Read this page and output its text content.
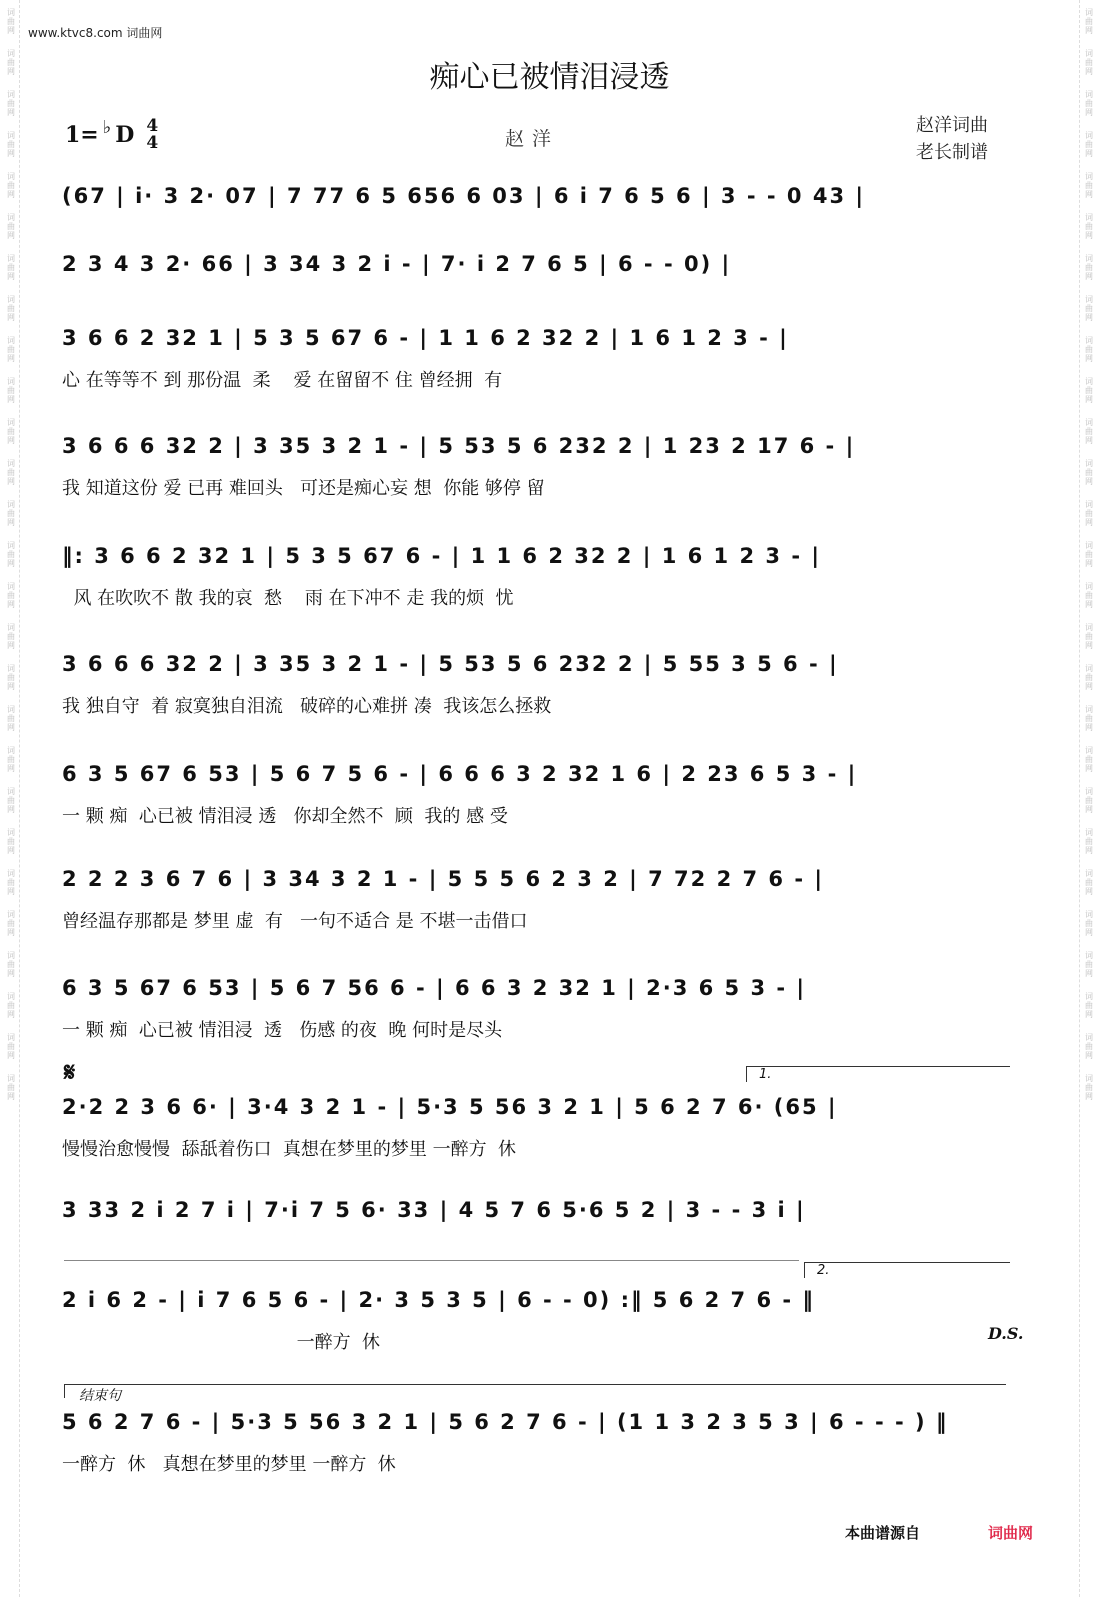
词曲网
词曲网
词曲网
词曲网
词曲网
词曲网
词曲网
词曲网
词曲网
词曲网
词曲网
词曲网
词曲网
词曲网
词曲网
词曲网
词曲网
词曲网
词曲网
词曲网
词曲网
词曲网
词曲网
词曲网
词曲网
词曲网
词曲网
词曲网
词曲网
词曲网
词曲网
词曲网
词曲网
词曲网
词曲网
词曲网
词曲网
词曲网
词曲网
词曲网
词曲网
词曲网
词曲网
词曲网
词曲网
词曲网
词曲网
词曲网
词曲网
词曲网
词曲网
词曲网
词曲网
词曲网
www.ktvc8.com 词曲网
痴心已被情泪浸透
1= ♭ D 4
4	赵洋
赵洋词曲
老长制谱
(67 | i· 3 2· 07 | 7 77 6 5 656 6 03 | 6 i 7 6 5 6 | 3 - - 0 43 |
2 3 4 3 2· 66 | 3 34 3 2 i - | 7· i 2 7 6 5 | 6 - - 0) |
3 6 6 2 32 1 | 5 3 5 67 6 - | 1 1 6 2 32 2 | 1 6 1 2 3 - |
心 在等等不 到 那份温  柔    爱 在留留不 住 曾经拥  有
3 6 6 6 32 2 | 3 35 3 2 1 - | 5 53 5 6 232 2 | 1 23 2 17 6 - |
我 知道这份 爱 已再 难回头   可还是痴心妄 想  你能 够停 留
‖: 3 6 6 2 32 1 | 5 3 5 67 6 - | 1 1 6 2 32 2 | 1 6 1 2 3 - |
风 在吹吹不 散 我的哀  愁    雨 在下冲不 走 我的烦  忧
3 6 6 6 32 2 | 3 35 3 2 1 - | 5 53 5 6 232 2 | 5 55 3 5 6 - |
我 独自守  着 寂寞独自泪流   破碎的心难拼 凑  我该怎么拯救
6 3 5 67 6 53 | 5 6 7 5 6 - | 6 6 6 3 2 32 1 6 | 2 23 6 5 3 - |
一 颗 痴  心已被 情泪浸 透   你却全然不  顾  我的 感 受
2 2 2 3 6 7 6 | 3 34 3 2 1 - | 5 5 5 6 2 3 2 | 7 72 2 7 6 - |
曾经温存那都是 梦里 虚  有   一句不适合 是 不堪一击借口
6 3 5 67 6 53 | 5 6 7 56 6 - | 6 6 3 2 32 1 | 2·3 6 5 3 - |
一 颗 痴  心已被 情泪浸  透   伤感 的夜  晚 何时是尽头
𝄋	1.
2·2 2 3 6 6· | 3·4 3 2 1 - | 5·3 5 56 3 2 1 | 5 6 2 7 6· (65 |
慢慢治愈慢慢  舔舐着伤口  真想在梦里的梦里 一醉方  休
3 33 2 i 2 7 i | 7·i 7 5 6· 33 | 4 5 7 6 5·6 5 2 | 3 - - 3 i |
2.
2 i 6 2 - | i 7 6 5 6 - | 2· 3 5 3 5 | 6 - - 0) :‖ 5 6 2 7 6 - ‖
一醉方  休	D.S.
结束句
5 6 2 7 6 - | 5·3 5 56 3 2 1 | 5 6 2 7 6 - | (1 1 3 2 3 5 3 | 6 - - - ) ‖
一醉方  休   真想在梦里的梦里 一醉方  休
本曲谱源自	词曲网
